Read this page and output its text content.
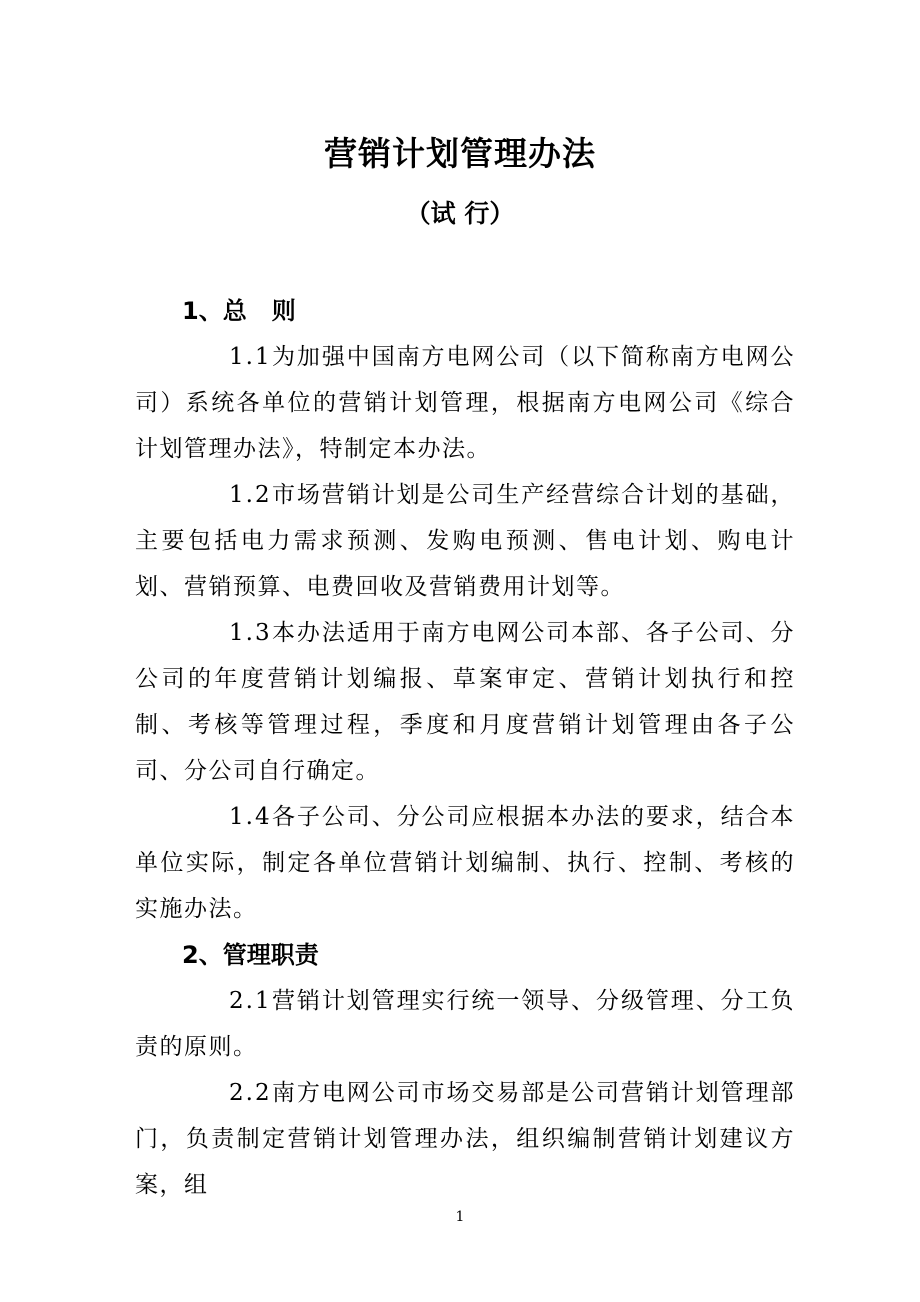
营销计划管理办法
（试 行）
1、总   则

1.1为加强中国南方电网公司（以下简称南方电网公司）系统各单位的营销计划管理，根据南方电网公司《综合计划管理办法》，特制定本办法。

1.2市场营销计划是公司生产经营综合计划的基础，主要包括电力需求预测、发购电预测、售电计划、购电计划、营销预算、电费回收及营销费用计划等。

1.3本办法适用于南方电网公司本部、各子公司、分公司的年度营销计划编报、草案审定、营销计划执行和控制、考核等管理过程，季度和月度营销计划管理由各子公司、分公司自行确定。

1.4各子公司、分公司应根据本办法的要求，结合本单位实际，制定各单位营销计划编制、执行、控制、考核的实施办法。

2、管理职责

2.1营销计划管理实行统一领导、分级管理、分工负责的原则。

2.2南方电网公司市场交易部是公司营销计划管理部门，负责制定营销计划管理办法，组织编制营销计划建议方案，组

1
